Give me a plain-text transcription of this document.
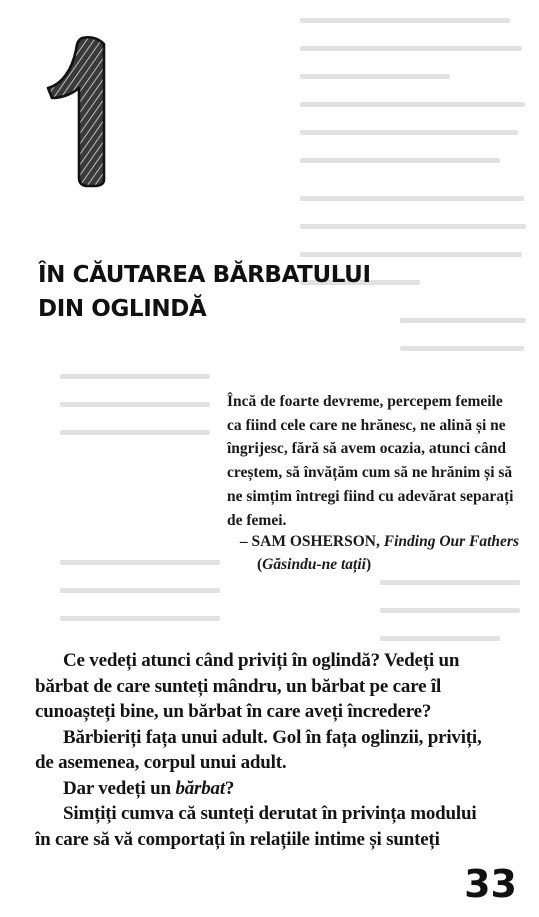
ÎN CĂUTAREA BĂRBATULUI
DIN OGLINDĂ
Încă de foarte devreme, percepem femeile
ca fiind cele care ne hrănesc, ne alină și ne
îngrijesc, fără să avem ocazia, atunci când
creștem, să învățăm cum să ne hrănim și să
ne simțim întregi fiind cu adevărat separați
de femei.
– SAM OSHERSON, Finding Our Fathers
(Găsindu-ne tații)
Ce vedeți atunci când priviți în oglindă? Vedeți un
bărbat de care sunteți mândru, un bărbat pe care îl
cunoașteți bine, un bărbat în care aveți încredere?
Bărbieriți fața unui adult. Gol în fața oglinzii, priviți,
de asemenea, corpul unui adult.
Dar vedeți un bărbat?
Simțiți cumva că sunteți derutat în privința modului
în care să vă comportați în relațiile intime și sunteți
33
